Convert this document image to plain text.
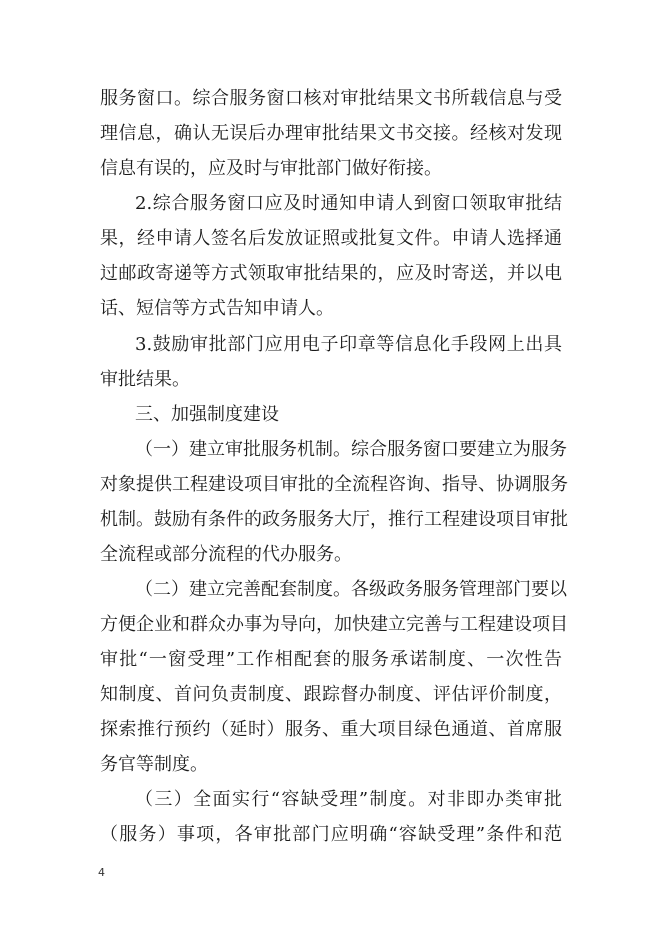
服务窗口。综合服务窗口核对审批结果文书所载信息与受
理信息，确认无误后办理审批结果文书交接。经核对发现
信息有误的，应及时与审批部门做好衔接。
2.综合服务窗口应及时通知申请人到窗口领取审批结
果，经申请人签名后发放证照或批复文件。申请人选择通
过邮政寄递等方式领取审批结果的，应及时寄送，并以电
话、短信等方式告知申请人。
3.鼓励审批部门应用电子印章等信息化手段网上出具
审批结果。
三、加强制度建设
（一）建立审批服务机制。综合服务窗口要建立为服务
对象提供工程建设项目审批的全流程咨询、指导、协调服务
机制。鼓励有条件的政务服务大厅，推行工程建设项目审批
全流程或部分流程的代办服务。
（二）建立完善配套制度。各级政务服务管理部门要以
方便企业和群众办事为导向，加快建立完善与工程建设项目
审批“一窗受理”工作相配套的服务承诺制度、一次性告
知制度、首问负责制度、跟踪督办制度、评估评价制度，
探索推行预约（延时）服务、重大项目绿色通道、首席服
务官等制度。
（三）全面实行“容缺受理”制度。对非即办类审批
（服务）事项，各审批部门应明确“容缺受理”条件和范
4
